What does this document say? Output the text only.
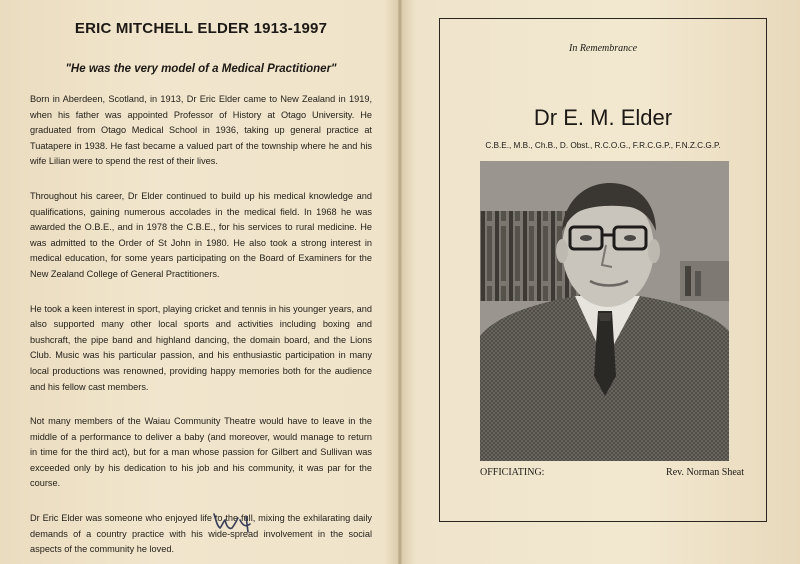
ERIC MITCHELL ELDER 1913-1997
"He was the very model of a Medical Practitioner"

Born in Aberdeen, Scotland, in 1913, Dr Eric Elder came to New Zealand in 1919, when his father was appointed Professor of History at Otago University. He graduated from Otago Medical School in 1936, taking up general practice at Tuatapere in 1938. He fast became a valued part of the township where he and his wife Lilian were to spend the rest of their lives.

Throughout his career, Dr Elder continued to build up his medical knowledge and qualifications, gaining numerous accolades in the medical field. In 1968 he was awarded the O.B.E., and in 1978 the C.B.E., for his services to rural medicine. He was admitted to the Order of St John in 1980. He also took a strong interest in medical education, for some years participating on the Board of Examiners for the New Zealand College of General Practitioners.

He took a keen interest in sport, playing cricket and tennis in his younger years, and also supported many other local sports and activities including boxing and bushcraft, the pipe band and highland dancing, the domain board, and the Lions Club. Music was his particular passion, and his enthusiastic participation in many local productions was renowned, providing happy memories both for the audience and his fellow cast members.

Not many members of the Waiau Community Theatre would have to leave in the middle of a performance to deliver a baby (and moreover, would manage to return in time for the third act), but for a man whose passion for Gilbert and Sullivan was exceeded only by his dedication to his job and his community, it was par for the course.

Dr Eric Elder was someone who enjoyed life to the full, mixing the exhilarating daily demands of a country practice with his wide-spread involvement in the social aspects of the community he loved.

In Remembrance
Dr E. M. Elder
C.B.E., M.B., Ch.B., D. Obst., R.C.O.G., F.R.C.G.P., F.N.Z.C.G.P.
OFFICIATING:	Rev. Norman Sheat
